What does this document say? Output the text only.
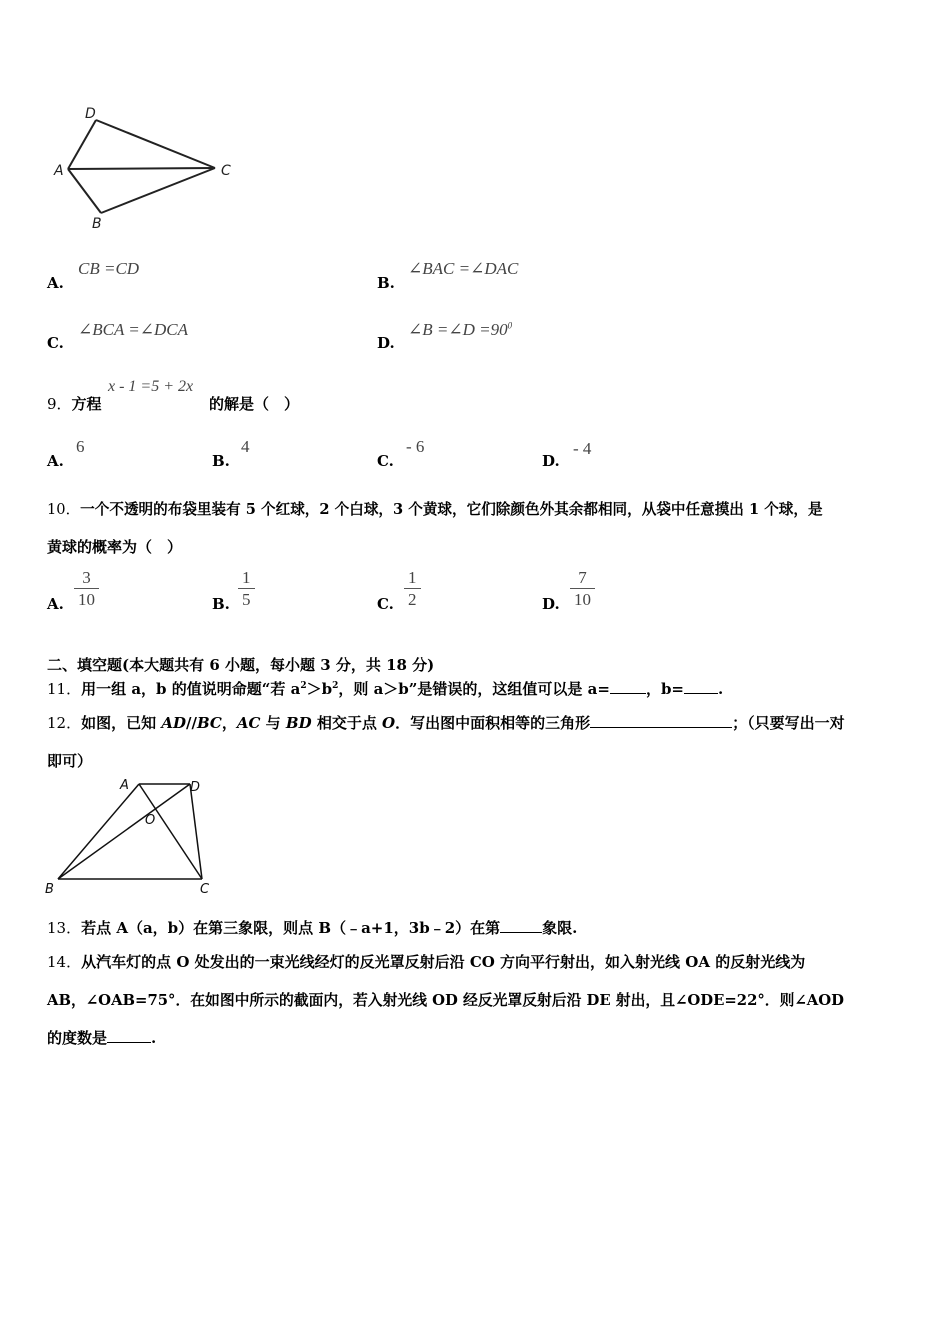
D
A	C
B
A.
CB =CD
B.
∠BAC =∠DAC
C.
∠BCA =∠DCA
D.
∠B =∠D $=90^0$
9．方程
x - 1 =5 + 2x
的解是（　）
A.
6
B.
4
C.
- 6
D.
- 4
10．一个不透明的布袋里装有 5 个红球，2 个白球，3 个黄球，它们除颜色外其余都相同，从袋中任意摸出 1 个球，是
黄球的概率为（　）
A. $\frac{3}{10}$	B. $\frac{1}{5}$	C. $\frac{1}{2}$	D. $\frac{7}{10}$
二、填空题(本大题共有 6 小题，每小题 3 分，共 18 分)
11．用一组 a，b 的值说明命题“若 $a^2>b^2$，则 a＞b”是错误的，这组值可以是 a= ，b= .
12．如图，已知 AD//BC，AC 与 BD 相交于点 O．写出图中面积相等的三角形	；（只要写出一对
即可）
A	D
O
B	C
13．若点 A（a，b）在第三象限，则点 B（﹣a+1，3b﹣2）在第	象限.
14．从汽车灯的点 O 处发出的一束光线经灯的反光罩反射后沿 CO 方向平行射出，如入射光线 OA 的反射光线为
AB，∠OAB=75°．在如图中所示的截面内，若入射光线 OD 经反光罩反射后沿 DE 射出，且∠ODE=22°．则∠AOD
的度数是	.
